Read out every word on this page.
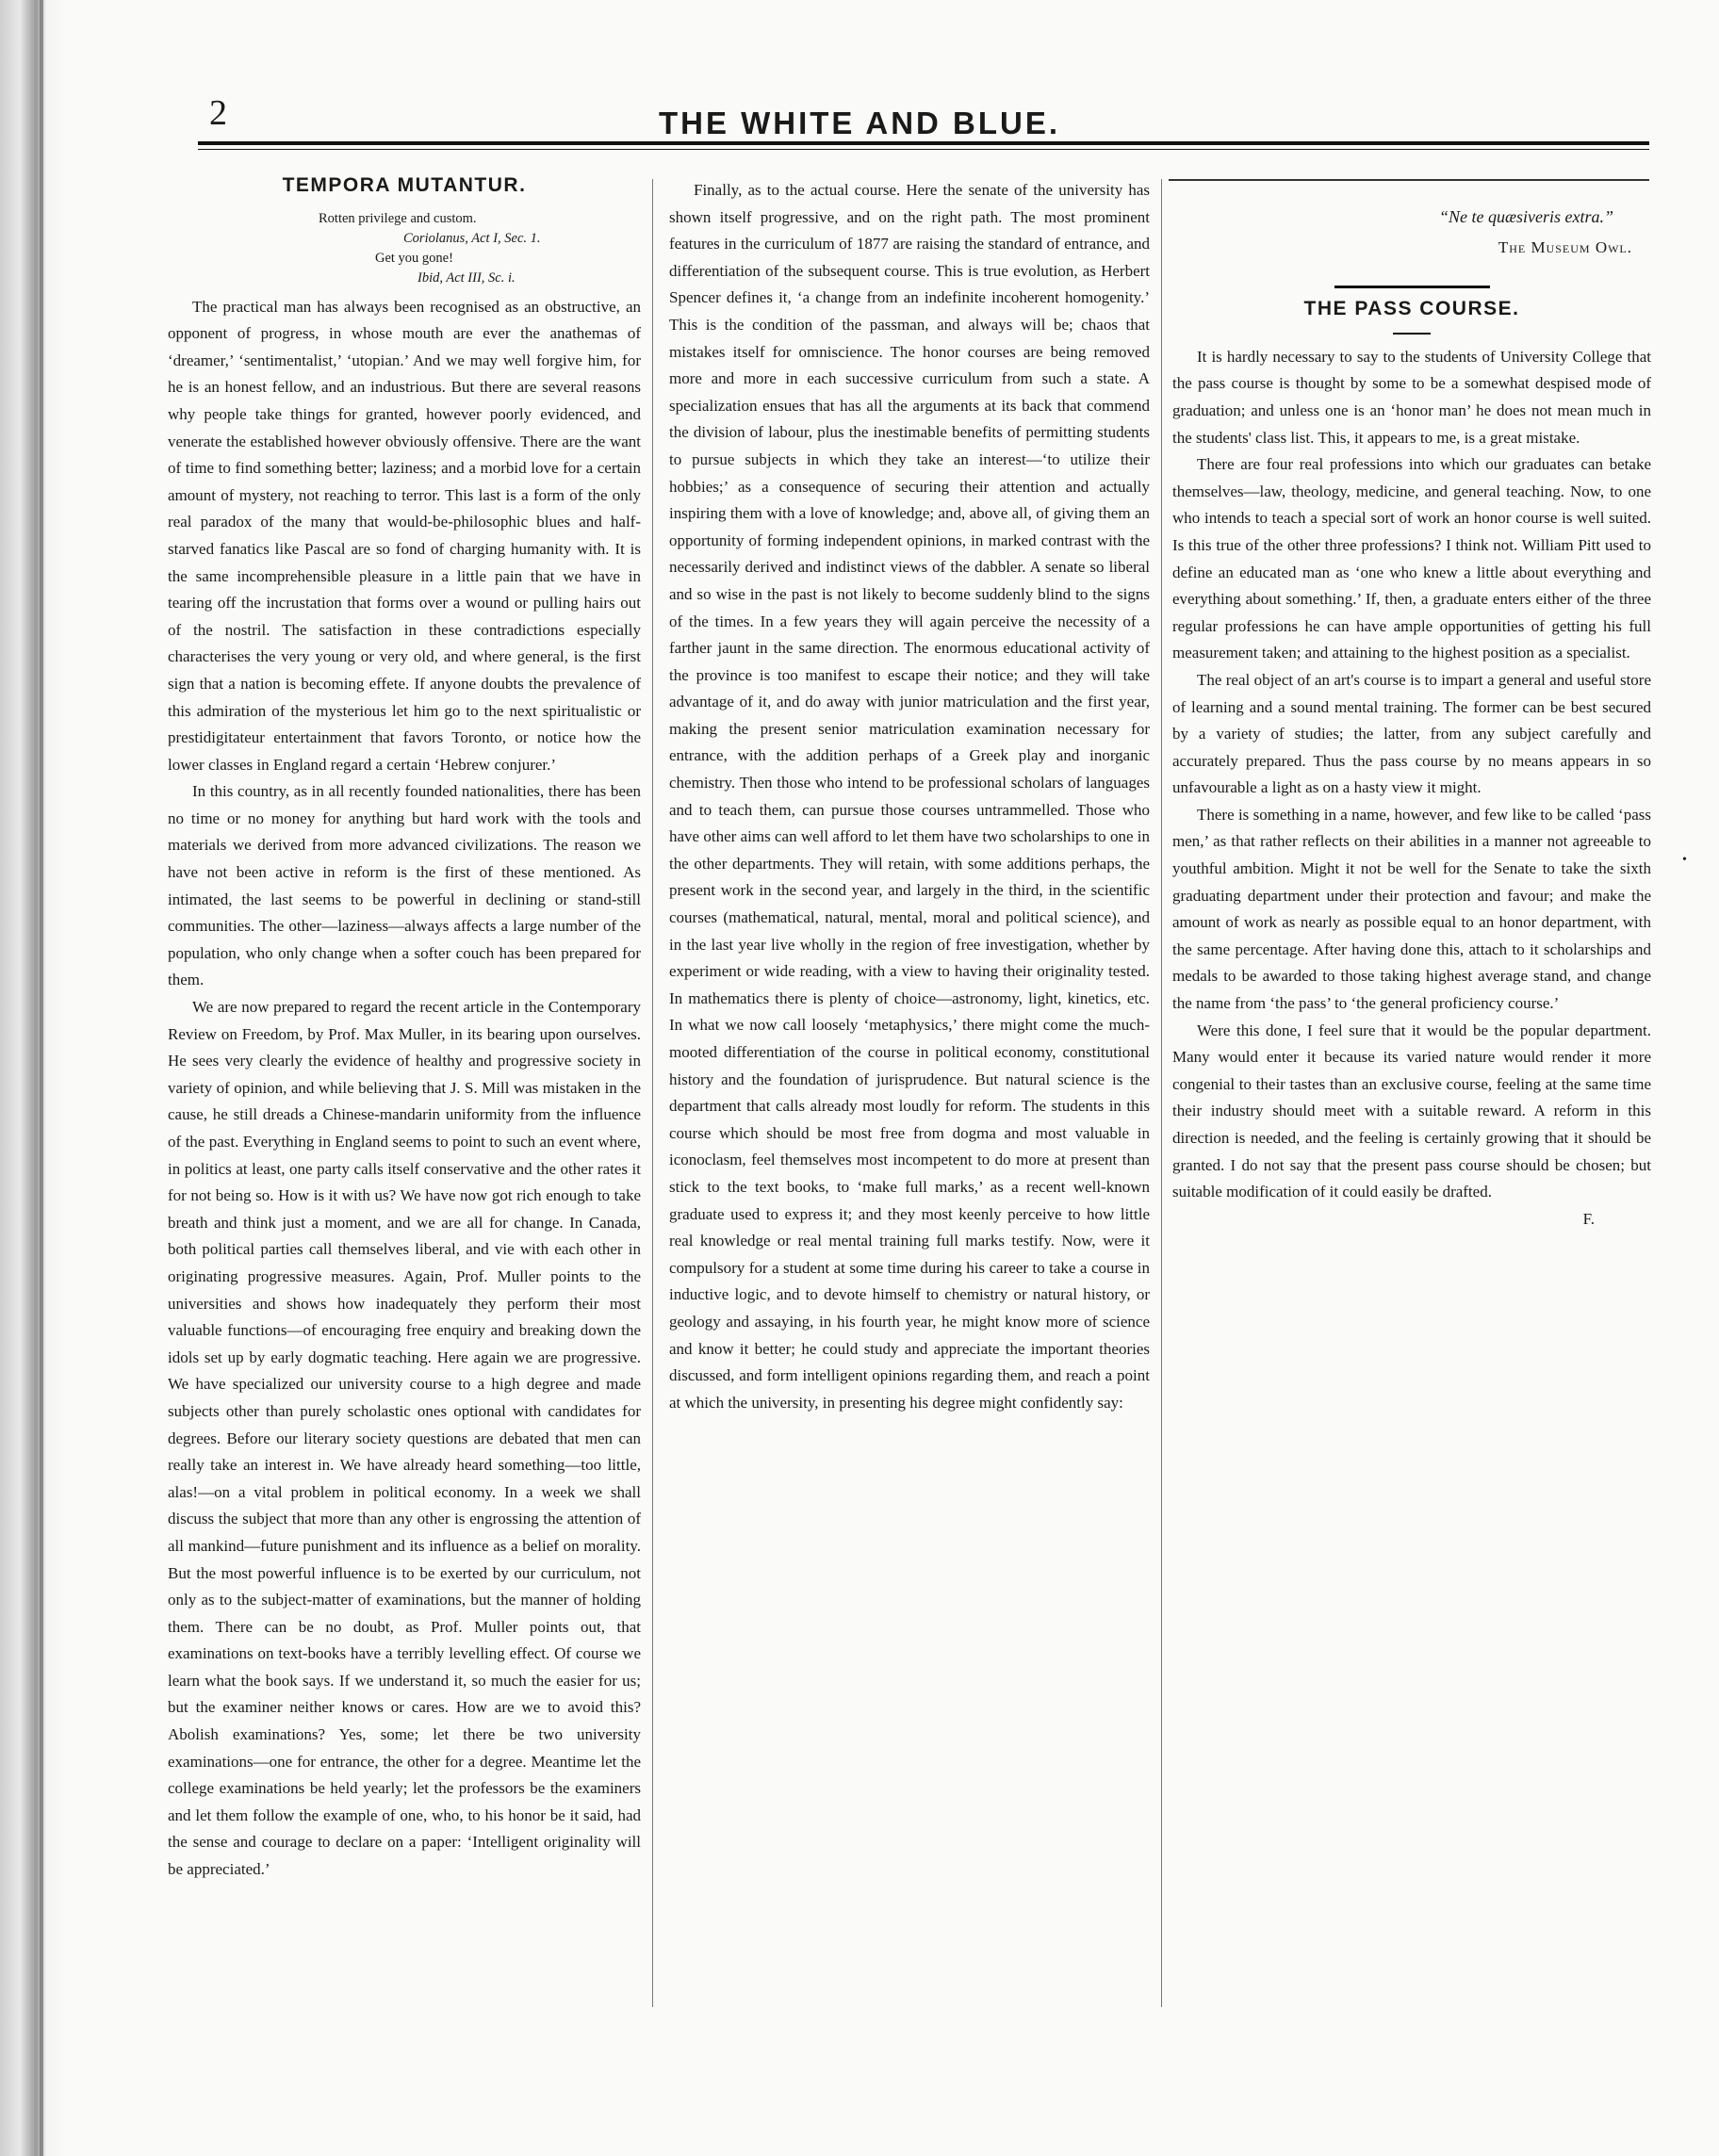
2	THE WHITE AND BLUE.
TEMPORA MUTANTUR.
Rotten privilege and custom.
Coriolanus, Act I, Sec. 1.
Get you gone!
Ibid, Act III, Sc. i.

The practical man has always been recognised as an obstructive, an opponent of progress, in whose mouth are ever the anathemas of ‘dreamer,’ ‘sentimentalist,’ ‘utopian.’ And we may well forgive him, for he is an honest fellow, and an industrious. But there are several reasons why people take things for granted, however poorly evidenced, and venerate the established however obviously offensive. There are the want of time to find something better; laziness; and a morbid love for a certain amount of mystery, not reaching to terror. This last is a form of the only real paradox of the many that would-be-philosophic blues and half-starved fanatics like Pascal are so fond of charging humanity with. It is the same incomprehensible pleasure in a little pain that we have in tearing off the incrustation that forms over a wound or pulling hairs out of the nostril. The satisfaction in these contradictions especially characterises the very young or very old, and where general, is the first sign that a nation is becoming effete. If anyone doubts the prevalence of this admiration of the mysterious let him go to the next spiritualistic or prestidigitateur entertainment that favors Toronto, or notice how the lower classes in England regard a certain ‘Hebrew conjurer.’

In this country, as in all recently founded nationalities, there has been no time or no money for anything but hard work with the tools and materials we derived from more advanced civilizations. The reason we have not been active in reform is the first of these mentioned. As intimated, the last seems to be powerful in declining or stand-still communities. The other—laziness—always affects a large number of the population, who only change when a softer couch has been prepared for them.

We are now prepared to regard the recent article in the Contemporary Review on Freedom, by Prof. Max Muller, in its bearing upon ourselves. He sees very clearly the evidence of healthy and progressive society in variety of opinion, and while believing that J. S. Mill was mistaken in the cause, he still dreads a Chinese-mandarin uniformity from the influence of the past. Everything in England seems to point to such an event where, in politics at least, one party calls itself conservative and the other rates it for not being so. How is it with us? We have now got rich enough to take breath and think just a moment, and we are all for change. In Canada, both political parties call themselves liberal, and vie with each other in originating progressive measures. Again, Prof. Muller points to the universities and shows how inadequately they perform their most valuable functions—of encouraging free enquiry and breaking down the idols set up by early dogmatic teaching. Here again we are progressive. We have specialized our university course to a high degree and made subjects other than purely scholastic ones optional with candidates for degrees. Before our literary society questions are debated that men can really take an interest in. We have already heard something—too little, alas!—on a vital problem in political economy. In a week we shall discuss the subject that more than any other is engrossing the attention of all mankind—future punishment and its influence as a belief on morality. But the most powerful influence is to be exerted by our curriculum, not only as to the subject-matter of examinations, but the manner of holding them. There can be no doubt, as Prof. Muller points out, that examinations on text-books have a terribly levelling effect. Of course we learn what the book says. If we understand it, so much the easier for us; but the examiner neither knows or cares. How are we to avoid this? Abolish examinations? Yes, some; let there be two university examinations—one for entrance, the other for a degree. Meantime let the college examinations be held yearly; let the professors be the examiners and let them follow the example of one, who, to his honor be it said, had the sense and courage to declare on a paper: ‘Intelligent originality will be appreciated.’

Finally, as to the actual course. Here the senate of the university has shown itself progressive, and on the right path. The most prominent features in the curriculum of 1877 are raising the standard of entrance, and differentiation of the subsequent course. This is true evolution, as Herbert Spencer defines it, ‘a change from an indefinite incoherent homogenity.’ This is the condition of the passman, and always will be; chaos that mistakes itself for omniscience. The honor courses are being removed more and more in each successive curriculum from such a state. A specialization ensues that has all the arguments at its back that commend the division of labour, plus the inestimable benefits of permitting students to pursue subjects in which they take an interest—‘to utilize their hobbies;’ as a consequence of securing their attention and actually inspiring them with a love of knowledge; and, above all, of giving them an opportunity of forming independent opinions, in marked contrast with the necessarily derived and indistinct views of the dabbler. A senate so liberal and so wise in the past is not likely to become suddenly blind to the signs of the times. In a few years they will again perceive the necessity of a farther jaunt in the same direction. The enormous educational activity of the province is too manifest to escape their notice; and they will take advantage of it, and do away with junior matriculation and the first year, making the present senior matriculation examination necessary for entrance, with the addition perhaps of a Greek play and inorganic chemistry. Then those who intend to be professional scholars of languages and to teach them, can pursue those courses untrammelled. Those who have other aims can well afford to let them have two scholarships to one in the other departments. They will retain, with some additions perhaps, the present work in the second year, and largely in the third, in the scientific courses (mathematical, natural, mental, moral and political science), and in the last year live wholly in the region of free investigation, whether by experiment or wide reading, with a view to having their originality tested. In mathematics there is plenty of choice—astronomy, light, kinetics, etc. In what we now call loosely ‘metaphysics,’ there might come the much-mooted differentiation of the course in political economy, constitutional history and the foundation of jurisprudence. But natural science is the department that calls already most loudly for reform. The students in this course which should be most free from dogma and most valuable in iconoclasm, feel themselves most incompetent to do more at present than stick to the text books, to ‘make full marks,’ as a recent well-known graduate used to express it; and they most keenly perceive to how little real knowledge or real mental training full marks testify. Now, were it compulsory for a student at some time during his career to take a course in inductive logic, and to devote himself to chemistry or natural history, or geology and assaying, in his fourth year, he might know more of science and know it better; he could study and appreciate the important theories discussed, and form intelligent opinions regarding them, and reach a point at which the university, in presenting his degree might confidently say:

“Ne te quæsiveris extra.”
The Museum Owl.
THE PASS COURSE.

It is hardly necessary to say to the students of University College that the pass course is thought by some to be a somewhat despised mode of graduation; and unless one is an ‘honor man’ he does not mean much in the students' class list. This, it appears to me, is a great mistake.

There are four real professions into which our graduates can betake themselves—law, theology, medicine, and general teaching. Now, to one who intends to teach a special sort of work an honor course is well suited. Is this true of the other three professions? I think not. William Pitt used to define an educated man as ‘one who knew a little about everything and everything about something.’ If, then, a graduate enters either of the three regular professions he can have ample opportunities of getting his full measurement taken; and attaining to the highest position as a specialist.

The real object of an art's course is to impart a general and useful store of learning and a sound mental training. The former can be best secured by a variety of studies; the latter, from any subject carefully and accurately prepared. Thus the pass course by no means appears in so unfavourable a light as on a hasty view it might.

There is something in a name, however, and few like to be called ‘pass men,’ as that rather reflects on their abilities in a manner not agreeable to youthful ambition. Might it not be well for the Senate to take the sixth graduating department under their protection and favour; and make the amount of work as nearly as possible equal to an honor department, with the same percentage. After having done this, attach to it scholarships and medals to be awarded to those taking highest average stand, and change the name from ‘the pass’ to ‘the general proficiency course.’

Were this done, I feel sure that it would be the popular department. Many would enter it because its varied nature would render it more congenial to their tastes than an exclusive course, feeling at the same time their industry should meet with a suitable reward. A reform in this direction is needed, and the feeling is certainly growing that it should be granted. I do not say that the present pass course should be chosen; but suitable modification of it could easily be drafted.

F.
•
